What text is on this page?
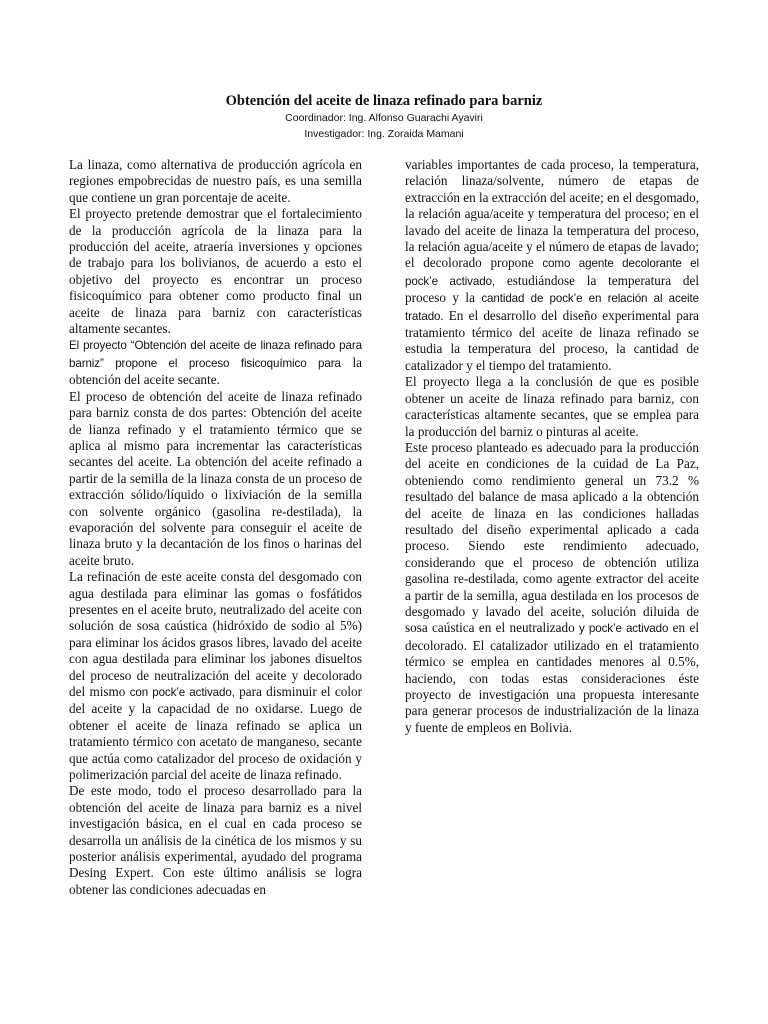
Obtención del aceite de linaza refinado para barniz
Coordinador: Ing. Alfonso Guarachi Ayaviri
Investigador: Ing. Zoraida Mamani

La linaza, como alternativa de producción agrícola en regiones empobrecidas de nuestro país, es una semilla que contiene un gran porcentaje de aceite.

El proyecto pretende demostrar que el fortalecimiento de la producción agrícola de la linaza para la producción del aceite, atraería inversiones y opciones de trabajo para los bolivianos, de acuerdo a esto el objetivo del proyecto es encontrar un proceso fisicoquímico para obtener como producto final un aceite de linaza para barniz con características altamente secantes.

El proyecto “Obtención del aceite de linaza refinado para barniz” propone el proceso fisicoquímico para la obtención del aceite secante.

El proceso de obtención del aceite de linaza refinado para barniz consta de dos partes: Obtención del aceite de lianza refinado y el tratamiento térmico que se aplica al mismo para incrementar las características secantes del aceite. La obtención del aceite refinado a partir de la semilla de la linaza consta de un proceso de extracción sólido/líquido o lixiviación de la semilla con solvente orgánico (gasolina re-destilada), la evaporación del solvente para conseguir el aceite de linaza bruto y la decantación de los finos o harinas del aceite bruto.

La refinación de este aceite consta del desgomado con agua destilada para eliminar las gomas o fosfátidos presentes en el aceite bruto, neutralizado del aceite con solución de sosa caústica (hidróxido de sodio al 5%) para eliminar los ácidos grasos libres, lavado del aceite con agua destilada para eliminar los jabones disueltos del proceso de neutralización del aceite y decolorado del mismo con pock’e activado, para disminuir el color del aceite y la capacidad de no oxidarse. Luego de obtener el aceite de linaza refinado se aplica un tratamiento térmico con acetato de manganeso, secante que actúa como catalizador del proceso de oxidación y polimerización parcial del aceite de linaza refinado.

De este modo, todo el proceso desarrollado para la obtención del aceite de linaza para barniz es a nivel investigación básica, en el cual en cada proceso se desarrolla un análisis de la cinética de los mismos y su posterior análisis experimental, ayudado del programa Desing Expert. Con este último análisis se logra obtener las condiciones adecuadas en

variables importantes de cada proceso, la temperatura, relación linaza/solvente, número de etapas de extracción en la extracción del aceite; en el desgomado, la relación agua/aceite y temperatura del proceso; en el lavado del aceite de linaza la temperatura del proceso, la relación agua/aceite y el número de etapas de lavado; el decolorado propone como agente decolorante el pock’e activado, estudiándose la temperatura del proceso y la cantidad de pock’e en relación al aceite tratado. En el desarrollo del diseño experimental para tratamiento térmico del aceite de linaza refinado se estudia la temperatura del proceso, la cantidad de catalizador y el tiempo del tratamiento.

El proyecto llega a la conclusión de que es posible obtener un aceite de linaza refinado para barniz, con características altamente secantes, que se emplea para la producción del barniz o pinturas al aceite.

Este proceso planteado es adecuado para la producción del aceite en condiciones de la cuidad de La Paz, obteniendo como rendimiento general un 73.2 % resultado del balance de masa aplicado a la obtención del aceite de linaza en las condiciones halladas resultado del diseño experimental aplicado a cada proceso. Siendo este rendimiento adecuado, considerando que el proceso de obtención utiliza gasolina re-destilada, como agente extractor del aceite a partir de la semilla, agua destilada en los procesos de desgomado y lavado del aceite, solución diluida de sosa caústica en el neutralizado y pock’e activado en el decolorado. El catalizador utilizado en el tratamiento térmico se emplea en cantidades menores al 0.5%, haciendo, con todas estas consideraciones éste proyecto de investigación una propuesta interesante para generar procesos de industrialización de la linaza y fuente de empleos en Bolivia.
